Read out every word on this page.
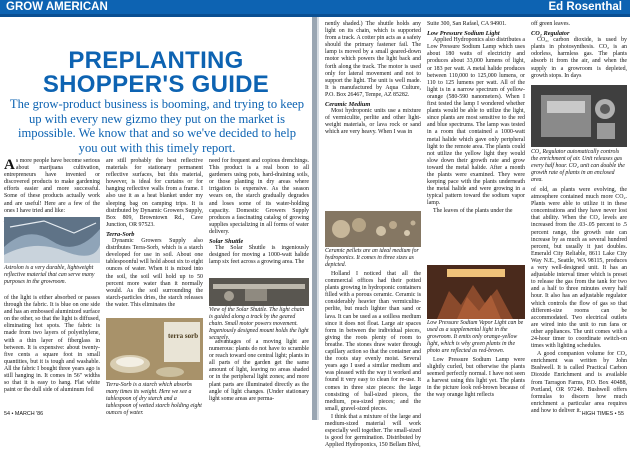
GROW AMERICAN	Ed Rosenthal
PREPLANTING SHOPPER'S GUIDE
The grow-product business is booming, and trying to keep up with every new gizmo they put on the market is impossible. We know that and so we've decided to help you out with this timely report.

As more people have become serious about marijuana cultivation, entrepreneurs have invented or discovered products to make gardening efforts easier and more successful. Some of these products actually work and are useful! Here are a few of the ones I have tried and like:

Astrolon is a very durable, lightweight reflective material that can serve many purposes in the growroom.

of the light is either absorbed or passes through the fabric. It is blue on one side and has an embossed aluminized surface on the other, so that the light is diffused, eliminating hot spots. The fabric is made from two layers of polyethylene, with a thin layer of fiberglass in between. It is expensive: about twenty-five cents a square foot in small quantities, but it is tough and washable. All the fabric I bought three years ago is still hanging in. It comes in 56" widths so that it is easy to hang. Flat white paint or the dull side of aluminum foil

are still probably the best reflective materials for stationary permanent reflective surfaces, but this material, however, is ideal for curtains or for hanging reflective walls from a frame. I also use it as a heat blanket under my sleeping bag on camping trips. It is distributed by Dynamic Growers Supply, Box 809, Browntown Rd., Cave Junction, OR 97523.

Terra-Sorb

Dynamic Growers Supply also distributes Terra-Sorb, which is a starch developed for use in soil. About one tablespoonful will hold about six to eight ounces of water. When it is mixed into the soil, the soil will hold up to 50 percent more water than it normally would. As the soil surrounding the starch-particles dries, the starch releases the water. This eliminates the

terra sorb
Terra-Sorb is a starch which absorbs many times its weight. Here we see a tablespoon of dry starch and a tablespoon of wetted starch holding eight ounces of water.

need for frequent and copious drenchings. This product is a real boon to all gardeners using pots, hard-draining soils, or those planting in dry areas where irrigation is expensive. As the season wears on, the starch gradually degrades and loses some of its water-holding capacity. Domestic Growers Supply produces a fascinating catalog of growing supplies specializing in all forms of water delivery.

Solar Shuttle

The Solar Shuttle is ingeniously designed for moving a 1000-watt halide lamp six feet across a growing area. The

View of the Solar Shuttle. The light chain is guided along a track by the geared chain. Small motor powers movement. Ingeniously designed mount holds the light securely.

advantages of a moving light are numerous: plants do not have to scramble or reach toward one central light; plants in all parts of the garden get the same amount of light, leaving no areas shaded or in the peripheral light zones; and more plant parts are illuminated directly as the angle of light changes. (Under stationary light some areas are perma-

54 • MARCH '86

nently shaded.) The shuttle holds any light on its chain, which is supported from a track. A cotter pin acts as a safety should the primary fastener fail. The lamp is moved by a small geared-down motor which powers the light back and forth along the track. The motor is used only for lateral movement and not to support the light. The unit is well made. It is manufactured by Aqua Culture, P.O. Box 26467, Tempe, AZ 85282.

Ceramic Medium

Most hydroponic units use a mixture of vermiculite, perlite and other light-weight materials, or lava rock or sand which are very heavy. When I was in

Ceramic pellets are an ideal medium for hydroponics. It comes in three sizes as depicted.

Holland I noticed that all the commercial offices had their potted plants growing in hydroponic containers filled with a porous ceramic. Ceramic is considerably heavier than vermiculite-perlite, but much lighter than sand or lava. It can be used as a soilless medium since it does not float. Large air spaces form in between the individual pieces, giving the roots plenty of room to breathe. The stones draw water through capillary action so that the container and the roots stay evenly moist. Several years ago I used a similar medium and was pleased with the way it worked and found it very easy to clean for re-use. It comes in three size pieces: the large consisting of ball-sized pieces, the medium, pea-sized pieces; and the small, gravel-sized pieces.

I think that a mixture of the large and medium-sized material will work especially well together. The small-sized is good for germination. Distributed by Applied Hydroponics, 150 Bellam Blvd,

Suite 300, San Rafael, CA 94901.

Low Pressure Sodium Light

Applied Hydroponics also distributes a Low Pressure Sodium Lamp which uses about 180 watts of electricity and produces about 33,000 lumens of light, or 183 per watt. A metal halide produces between 110,000 to 125,000 lumens, or 110 to 125 lumens per watt. All of the light is in a narrow spectrum of yellow-orange (580-590 nanometers). When I first tested the lamp I wondered whether plants would be able to utilize the light, since plants are most sensitive to the red and blue spectrums. The lamp was tested in a room that contained a 1000-watt metal halide which gave only peripheral light to the remote area. The plants could not utilize the yellow light they would slow down their growth rate and grow toward the metal halide. After a month the plants were examined. They were keeping pace with the plants underneath the metal halide and were growing in a typical pattern toward the sodium vapor lamp.

The leaves of the plants under the

Low Pressure Sodium Vapor Light can be used as a supplemental light in the growroom. It emits only orange-yellow light, which is why green plants in the photo are reflected as red-brown.

Low Pressure Sodium Lamp were slightly curled, but otherwise the plants seemed perfectly normal. I have not seen a harvest using this light yet. The plants in the picture look red-brown because of the way orange light reflects

off green leaves.

CO₂ Regulator

CO₂, carbon dioxide, is used by plants in photosynthesis. CO₂ is an odorless, harmless gas. The plants absorb it from the air, and when the supply in a growroom is depleted, growth stops. In days

CO₂ Regulator automatically controls the enrichment of air. Unit releases gas every half hour. CO₂ unit can double the growth rate of plants in an enclosed area.

of old, as plants were evolving, the atmosphere contained much more CO₂. Plants were able to utilize it in these concentrations and they have never lost that ability. When the CO₂ levels are increased from the .03-.05 percent to .5 percent range, the growth rate can increase by as much as several hundred percent, but usually it just doubles. Emerald City Reliable, 8611 Lake City Way N.E., Seattle, WA 98115, produces a very well-designed unit. It has an adjustable interval timer which is preset to release the gas from the tank for two and a half to three minutes every half hour. It also has an adjustable regulator which controls the flow of gas so that different-size rooms can be accommodated. Two electrical outlets are wired into the unit to run fans or other appliances. The unit comes with a 24-hour timer to coordinate switch-on times with lighting schedules.

A good companion volume for CO₂ enrichment was written by John Bushwell. It is called Practical Carbon Dioxide Enrichment and is available from Tarragon Farms, P.O. Box 40488, Portland, OR 97240. Bushwell offers formulas to discern how much enrichment a particular area requires and how to deliver it.

HIGH TIMES • 55
